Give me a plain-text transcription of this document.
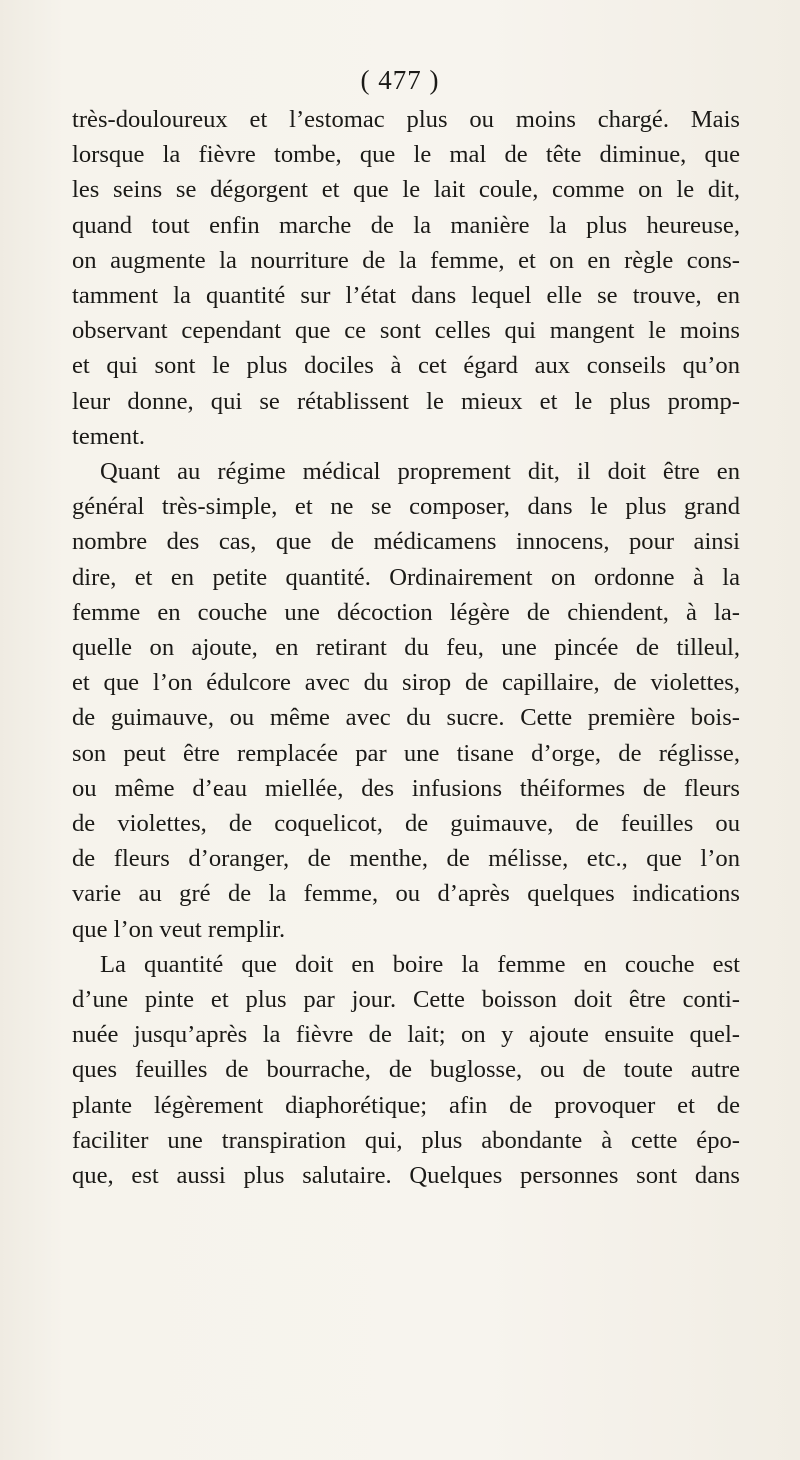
( 477 )
très-douloureux et l’estomac plus ou moins chargé. Mais
lorsque la fièvre tombe, que le mal de tête diminue, que
les seins se dégorgent et que le lait coule, comme on le dit,
quand tout enfin marche de la manière la plus heureuse,
on augmente la nourriture de la femme, et on en règle cons-
tamment la quantité sur l’état dans lequel elle se trouve, en
observant cependant que ce sont celles qui mangent le moins
et qui sont le plus dociles à cet égard aux conseils qu’on
leur donne, qui se rétablissent le mieux et le plus promp-
tement.
Quant au régime médical proprement dit, il doit être en
général très-simple, et ne se composer, dans le plus grand
nombre des cas, que de médicamens innocens, pour ainsi
dire, et en petite quantité. Ordinairement on ordonne à la
femme en couche une décoction légère de chiendent, à la-
quelle on ajoute, en retirant du feu, une pincée de tilleul,
et que l’on édulcore avec du sirop de capillaire, de violettes,
de guimauve, ou même avec du sucre. Cette première bois-
son peut être remplacée par une tisane d’orge, de réglisse,
ou même d’eau miellée, des infusions théiformes de fleurs
de violettes, de coquelicot, de guimauve, de feuilles ou
de fleurs d’oranger, de menthe, de mélisse, etc., que l’on
varie au gré de la femme, ou d’après quelques indications
que l’on veut remplir.
La quantité que doit en boire la femme en couche est
d’une pinte et plus par jour. Cette boisson doit être conti-
nuée jusqu’après la fièvre de lait; on y ajoute ensuite quel-
ques feuilles de bourrache, de buglosse, ou de toute autre
plante légèrement diaphorétique; afin de provoquer et de
faciliter une transpiration qui, plus abondante à cette épo-
que, est aussi plus salutaire. Quelques personnes sont dans
